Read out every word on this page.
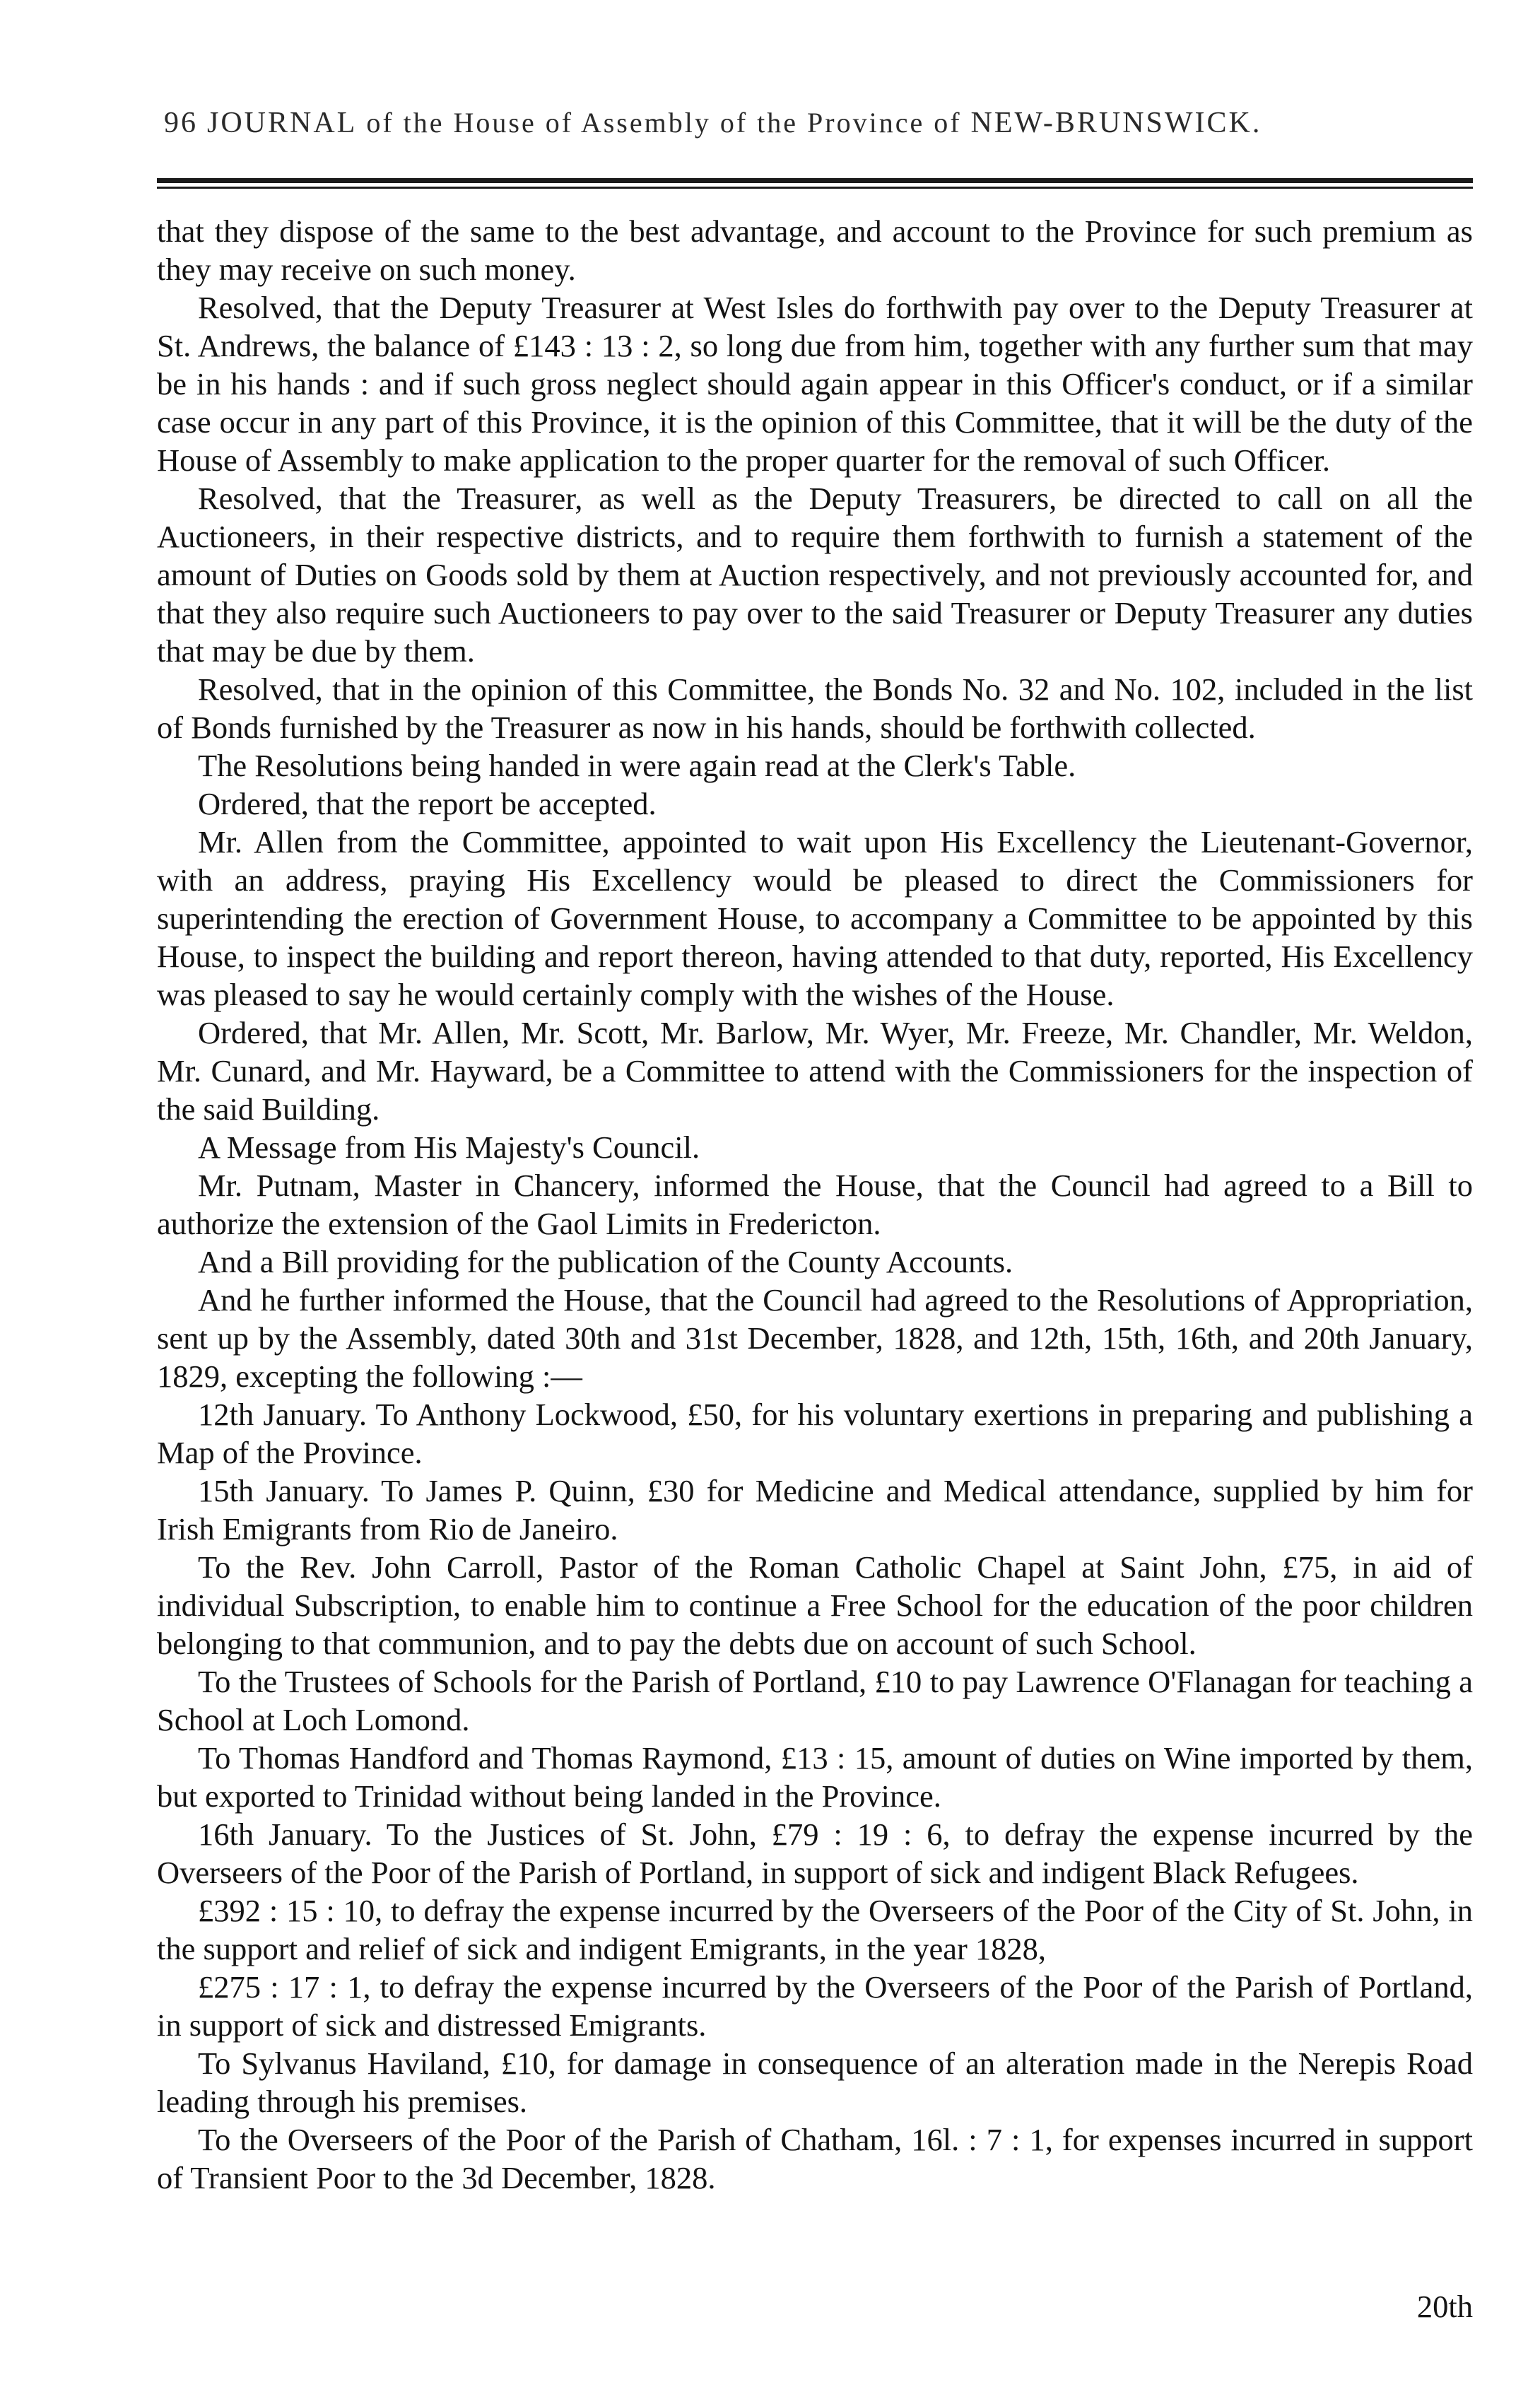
96 JOURNAL of the House of Assembly of the Province of NEW-BRUNSWICK.

that they dispose of the same to the best advantage, and account to the Province for such premium as they may receive on such money.

Resolved, that the Deputy Treasurer at West Isles do forthwith pay over to the Deputy Treasurer at St. Andrews, the balance of £143 : 13 : 2, so long due from him, together with any further sum that may be in his hands : and if such gross neglect should again appear in this Officer's conduct, or if a similar case occur in any part of this Province, it is the opinion of this Committee, that it will be the duty of the House of Assembly to make application to the proper quarter for the removal of such Officer.

Resolved, that the Treasurer, as well as the Deputy Treasurers, be directed to call on all the Auctioneers, in their respective districts, and to require them forthwith to furnish a statement of the amount of Duties on Goods sold by them at Auction respectively, and not previously accounted for, and that they also require such Auctioneers to pay over to the said Treasurer or Deputy Treasurer any duties that may be due by them.

Resolved, that in the opinion of this Committee, the Bonds No. 32 and No. 102, included in the list of Bonds furnished by the Treasurer as now in his hands, should be forthwith collected.

The Resolutions being handed in were again read at the Clerk's Table.

Ordered, that the report be accepted.

Mr. Allen from the Committee, appointed to wait upon His Excellency the Lieutenant-Governor, with an address, praying His Excellency would be pleased to direct the Commissioners for superintending the erection of Government House, to accompany a Committee to be appointed by this House, to inspect the building and report thereon, having attended to that duty, reported, His Excellency was pleased to say he would certainly comply with the wishes of the House.

Ordered, that Mr. Allen, Mr. Scott, Mr. Barlow, Mr. Wyer, Mr. Freeze, Mr. Chandler, Mr. Weldon, Mr. Cunard, and Mr. Hayward, be a Committee to attend with the Commissioners for the inspection of the said Building.

A Message from His Majesty's Council.

Mr. Putnam, Master in Chancery, informed the House, that the Council had agreed to a Bill to authorize the extension of the Gaol Limits in Fredericton.

And a Bill providing for the publication of the County Accounts.

And he further informed the House, that the Council had agreed to the Resolutions of Appropriation, sent up by the Assembly, dated 30th and 31st December, 1828, and 12th, 15th, 16th, and 20th January, 1829, excepting the following :—

12th January. To Anthony Lockwood, £50, for his voluntary exertions in preparing and publishing a Map of the Province.

15th January. To James P. Quinn, £30 for Medicine and Medical attendance, supplied by him for Irish Emigrants from Rio de Janeiro.

To the Rev. John Carroll, Pastor of the Roman Catholic Chapel at Saint John, £75, in aid of individual Subscription, to enable him to continue a Free School for the education of the poor children belonging to that communion, and to pay the debts due on account of such School.

To the Trustees of Schools for the Parish of Portland, £10 to pay Lawrence O'Flanagan for teaching a School at Loch Lomond.

To Thomas Handford and Thomas Raymond, £13 : 15, amount of duties on Wine imported by them, but exported to Trinidad without being landed in the Province.

16th January. To the Justices of St. John, £79 : 19 : 6, to defray the expense incurred by the Overseers of the Poor of the Parish of Portland, in support of sick and indigent Black Refugees.

£392 : 15 : 10, to defray the expense incurred by the Overseers of the Poor of the City of St. John, in the support and relief of sick and indigent Emigrants, in the year 1828,

£275 : 17 : 1, to defray the expense incurred by the Overseers of the Poor of the Parish of Portland, in support of sick and distressed Emigrants.

To Sylvanus Haviland, £10, for damage in consequence of an alteration made in the Nerepis Road leading through his premises.

To the Overseers of the Poor of the Parish of Chatham, 16l. : 7 : 1, for expenses incurred in support of Transient Poor to the 3d December, 1828.

20th
